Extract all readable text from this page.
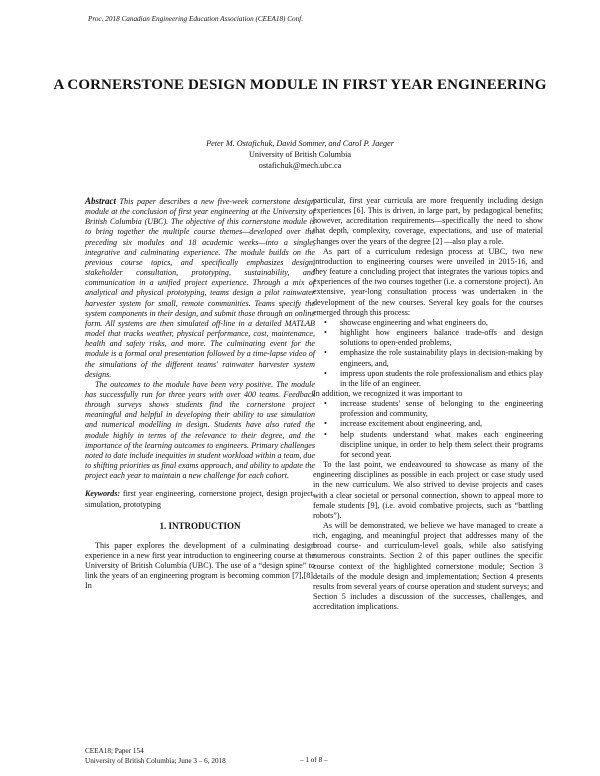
Proc. 2018 Canadian Engineering Education Association (CEEA18) Conf.
A CORNERSTONE DESIGN MODULE IN FIRST YEAR ENGINEERING
Peter M. Ostafichuk, David Sommer, and Carol P. Jaeger
University of British Columbia
ostafichuk@mech.ubc.ca

Abstract This paper describes a new five-week cornerstone design module at the conclusion of first year engineering at the University of British Columbia (UBC). The objective of this cornerstone module is to bring together the multiple course themes—developed over the preceding six modules and 18 academic weeks—into a single, integrative and culminating experience. The module builds on the previous course topics, and specifically emphasizes design, stakeholder consultation, prototyping, sustainability, and communication in a unified project experience. Through a mix of analytical and physical prototyping, teams design a pilot rainwater harvester system for small, remote communities. Teams specify the system components in their design, and submit those through an online form. All systems are then simulated off-line in a detailed MATLAB model that tracks weather, physical performance, cost, maintenance, health and safety risks, and more. The culminating event for the module is a formal oral presentation followed by a time-lapse video of the simulations of the different teams' rainwater harvester system designs.

The outcomes to the module have been very positive. The module has successfully run for three years with over 400 teams. Feedback through surveys shows students find the cornerstone project meaningful and helpful in developing their ability to use simulation and numerical modelling in design. Students have also rated the module highly in terms of the relevance to their degree, and the importance of the learning outcomes to engineers. Primary challenges noted to date include inequities in student workload within a team, due to shifting priorities as final exams approach, and ability to update the project each year to maintain a new challenge for each cohort.

Keywords: first year engineering, cornerstone project, design project, simulation, prototyping

1. INTRODUCTION

This paper explores the development of a culminating design experience in a new first year introduction to engineering course at the University of British Columbia (UBC). The use of a “design spine” to link the years of an engineering program is becoming common [7],[8]. In

particular, first year curricula are more frequently including design experiences [6]. This is driven, in large part, by pedagogical benefits; however, accreditation requirements—specifically the need to show that depth, complexity, coverage, expectations, and use of material changes over the years of the degree [2] —also play a role.

As part of a curriculum redesign process at UBC, two new introduction to engineering courses were unveiled in 2015-16, and they feature a concluding project that integrates the various topics and experiences of the two courses together (i.e. a cornerstone project). An extensive, year-long consultation process was undertaken in the development of the new courses. Several key goals for the courses emerged through this process:

• showcase engineering and what engineers do,
• highlight how engineers balance trade-offs and design solutions to open-ended problems,
• emphasize the role sustainability plays in decision-making by engineers, and,
• impress upon students the role professionalism and ethics play in the life of an engineer.

In addition, we recognized it was important to

• increase students’ sense of belonging to the engineering profession and community,
• increase excitement about engineering, and,
• help students understand what makes each engineering discipline unique, in order to help them select their programs for second year.

To the last point, we endeavoured to showcase as many of the engineering disciplines as possible in each project or case study used in the new curriculum. We also strived to devise projects and cases with a clear societal or personal connection, shown to appeal more to female students [9], (i.e. avoid combative projects, such as “battling robots”).

As will be demonstrated, we believe we have managed to create a rich, engaging, and meaningful project that addresses many of the broad course- and curriculum-level goals, while also satisfying numerous constraints. Section 2 of this paper outlines the specific course context of the highlighted cornerstone module; Section 3 details of the module design and implementation; Section 4 presents results from several years of course operation and student surveys; and Section 5 includes a discussion of the successes, challenges, and accreditation implications.

CEEA18; Paper 154
University of British Columbia; June 3 – 6, 2018	– 1 of 8 –
